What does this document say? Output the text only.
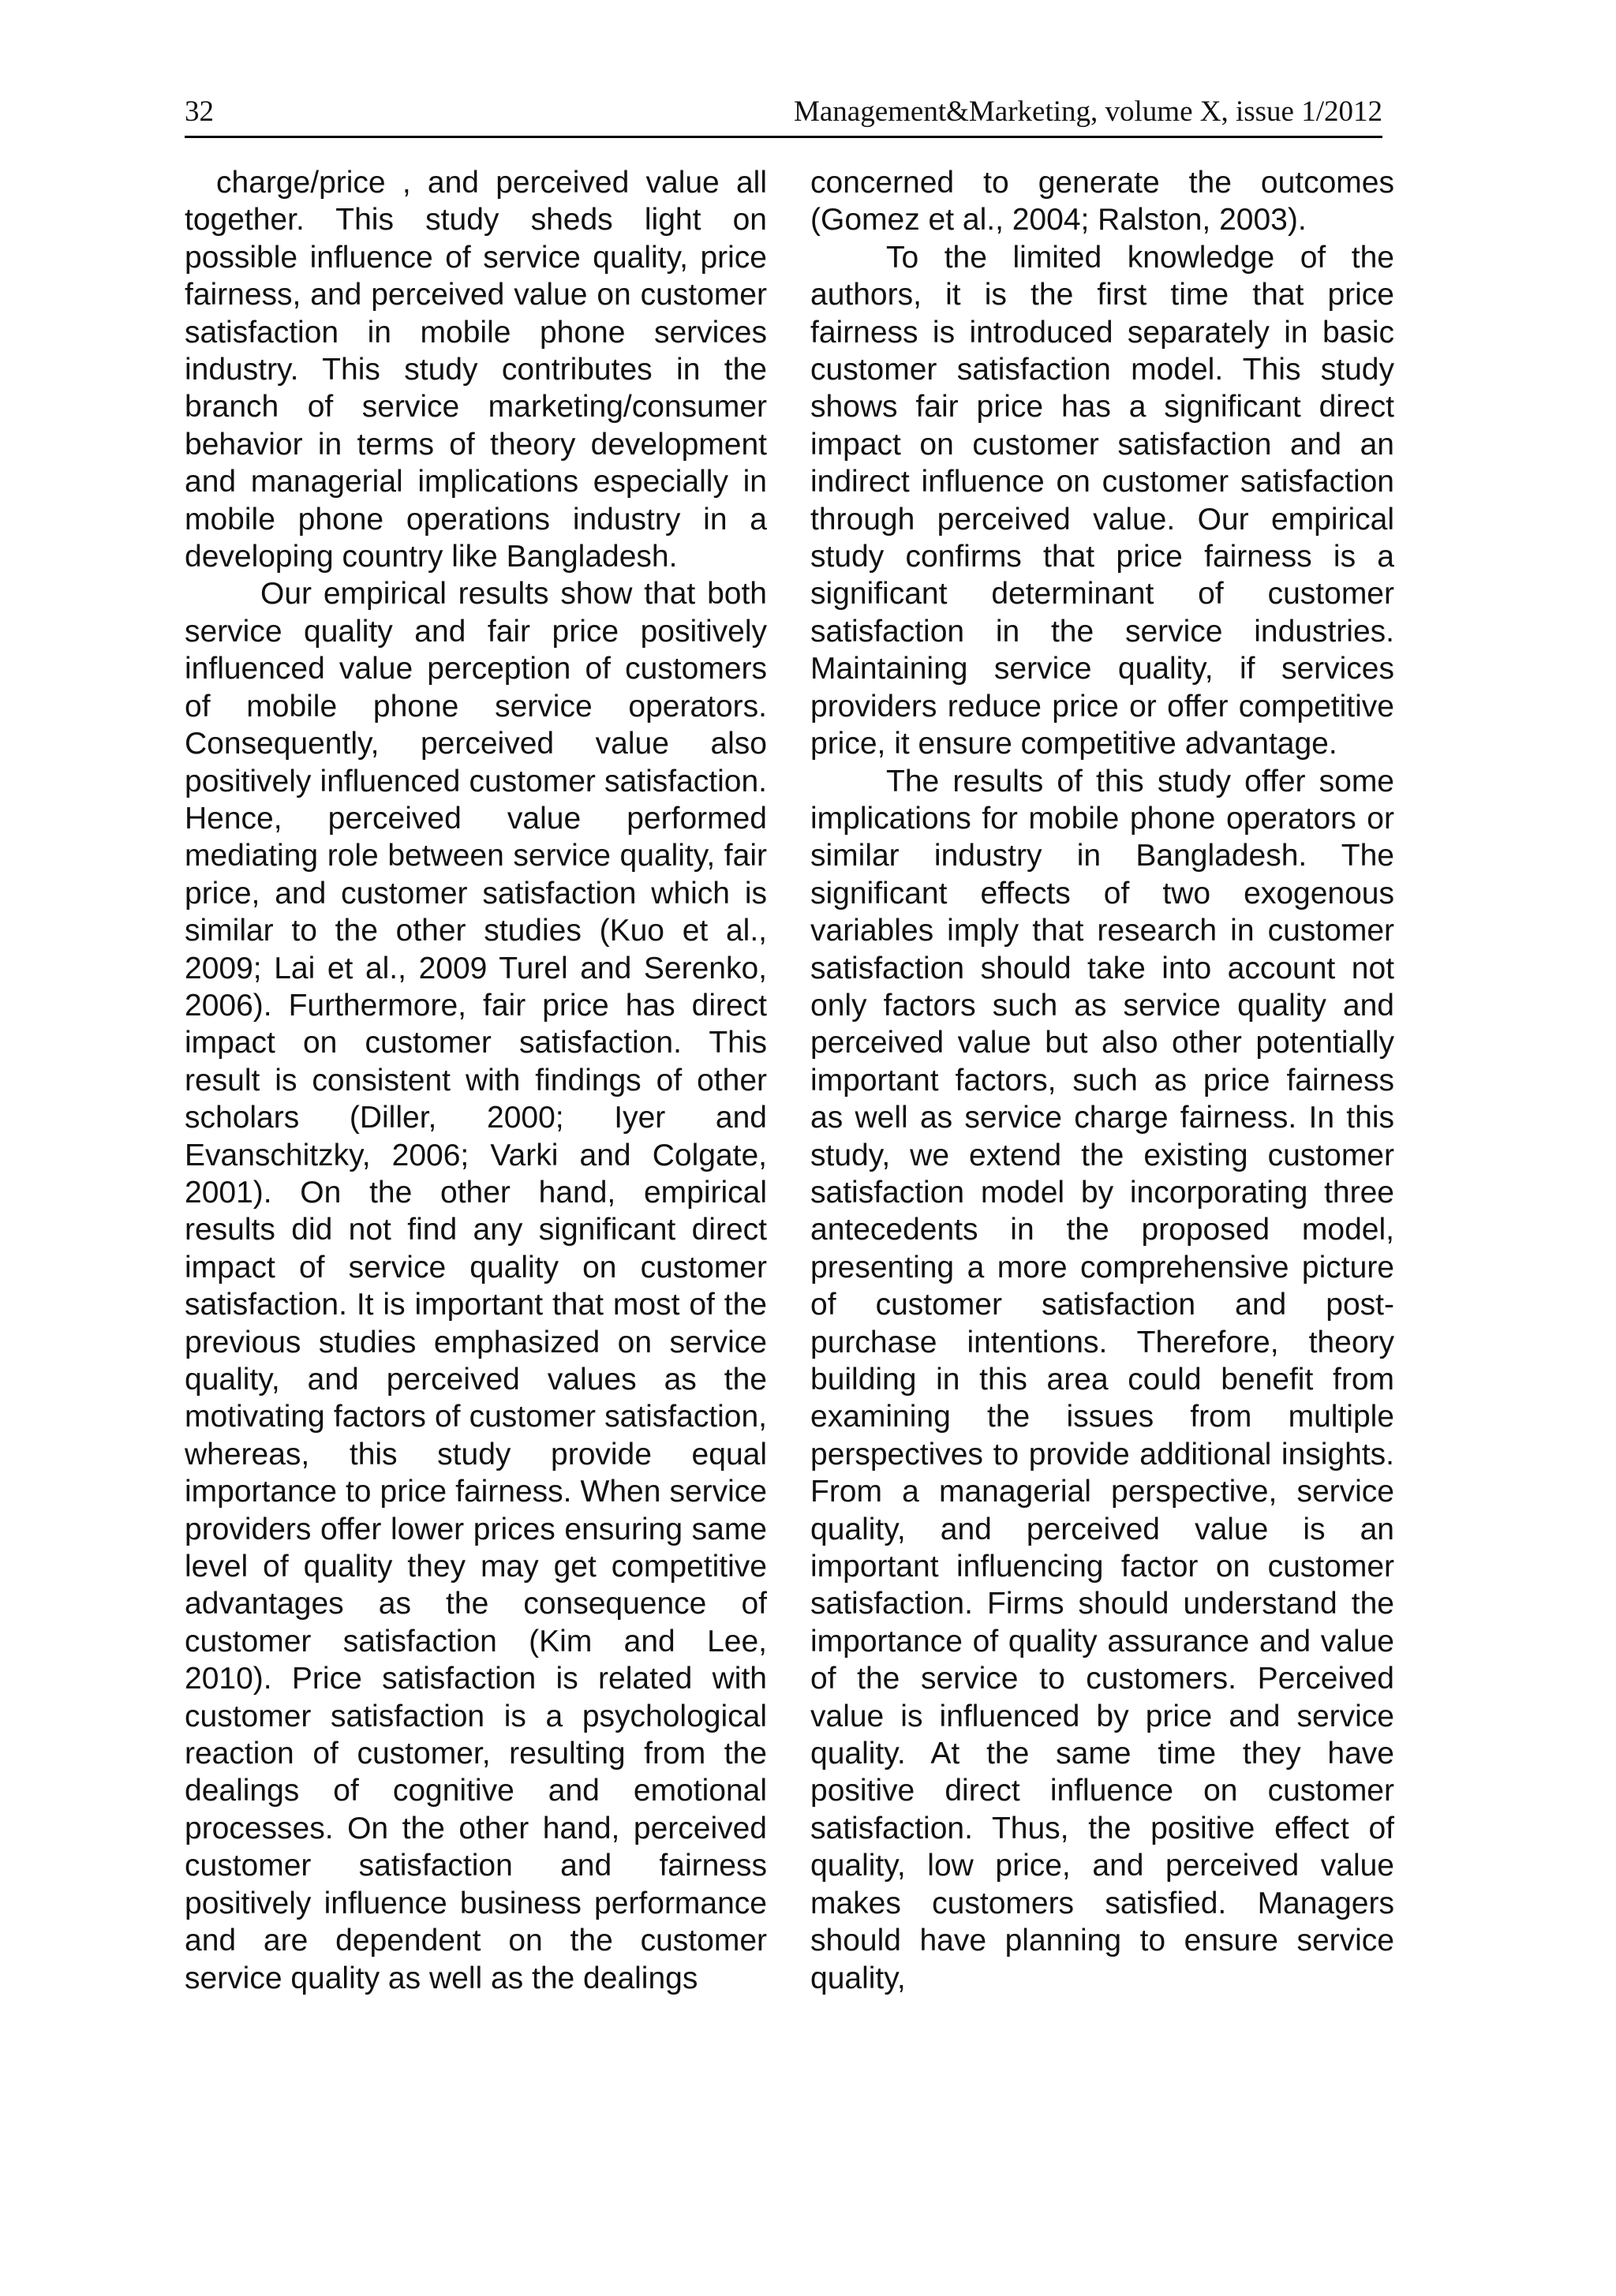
32	Management&Marketing, volume X, issue 1/2012

charge/price , and perceived value all together. This study sheds light on possible influence of service quality, price fairness, and perceived value on customer satisfaction in mobile phone services industry. This study contributes in the branch of service marketing/consumer behavior in terms of theory development and managerial implications especially in mobile phone operations industry in a developing country like Bangladesh.

Our empirical results show that both service quality and fair price positively influenced value perception of customers of mobile phone service operators. Consequently, perceived value also positively influenced customer satisfaction. Hence, perceived value performed mediating role between service quality, fair price, and customer satisfaction which is similar to the other studies (Kuo et al., 2009; Lai et al., 2009 Turel and Serenko, 2006). Furthermore, fair price has direct impact on customer satisfaction. This result is consistent with findings of other scholars (Diller, 2000; Iyer and Evanschitzky, 2006; Varki and Colgate, 2001). On the other hand, empirical results did not find any significant direct impact of service quality on customer satisfaction. It is important that most of the previous studies emphasized on service quality, and perceived values as the motivating factors of customer satisfaction, whereas, this study provide equal importance to price fairness. When service providers offer lower prices ensuring same level of quality they may get competitive advantages as the consequence of customer satisfaction (Kim and Lee, 2010). Price satisfaction is related with customer satisfaction is a psychological reaction of customer, resulting from the dealings of cognitive and emotional processes. On the other hand, perceived customer satisfaction and fairness positively influence business performance and are dependent on the customer service quality as well as the dealings

concerned to generate the outcomes (Gomez et al., 2004; Ralston, 2003).

To the limited knowledge of the authors, it is the first time that price fairness is introduced separately in basic customer satisfaction model. This study shows fair price has a significant direct impact on customer satisfaction and an indirect influence on customer satisfaction through perceived value. Our empirical study confirms that price fairness is a significant determinant of customer satisfaction in the service industries. Maintaining service quality, if services providers reduce price or offer competitive price, it ensure competitive advantage.

The results of this study offer some implications for mobile phone operators or similar industry in Bangladesh. The significant effects of two exogenous variables imply that research in customer satisfaction should take into account not only factors such as service quality and perceived value but also other potentially important factors, such as price fairness as well as service charge fairness. In this study, we extend the existing customer satisfaction model by incorporating three antecedents in the proposed model, presenting a more comprehensive picture of customer satisfaction and post-purchase intentions. Therefore, theory building in this area could benefit from examining the issues from multiple perspectives to provide additional insights. From a managerial perspective, service quality, and perceived value is an important influencing factor on customer satisfaction. Firms should understand the importance of quality assurance and value of the service to customers. Perceived value is influenced by price and service quality. At the same time they have positive direct influence on customer satisfaction. Thus, the positive effect of quality, low price, and perceived value makes customers satisfied. Managers should have planning to ensure service quality,
